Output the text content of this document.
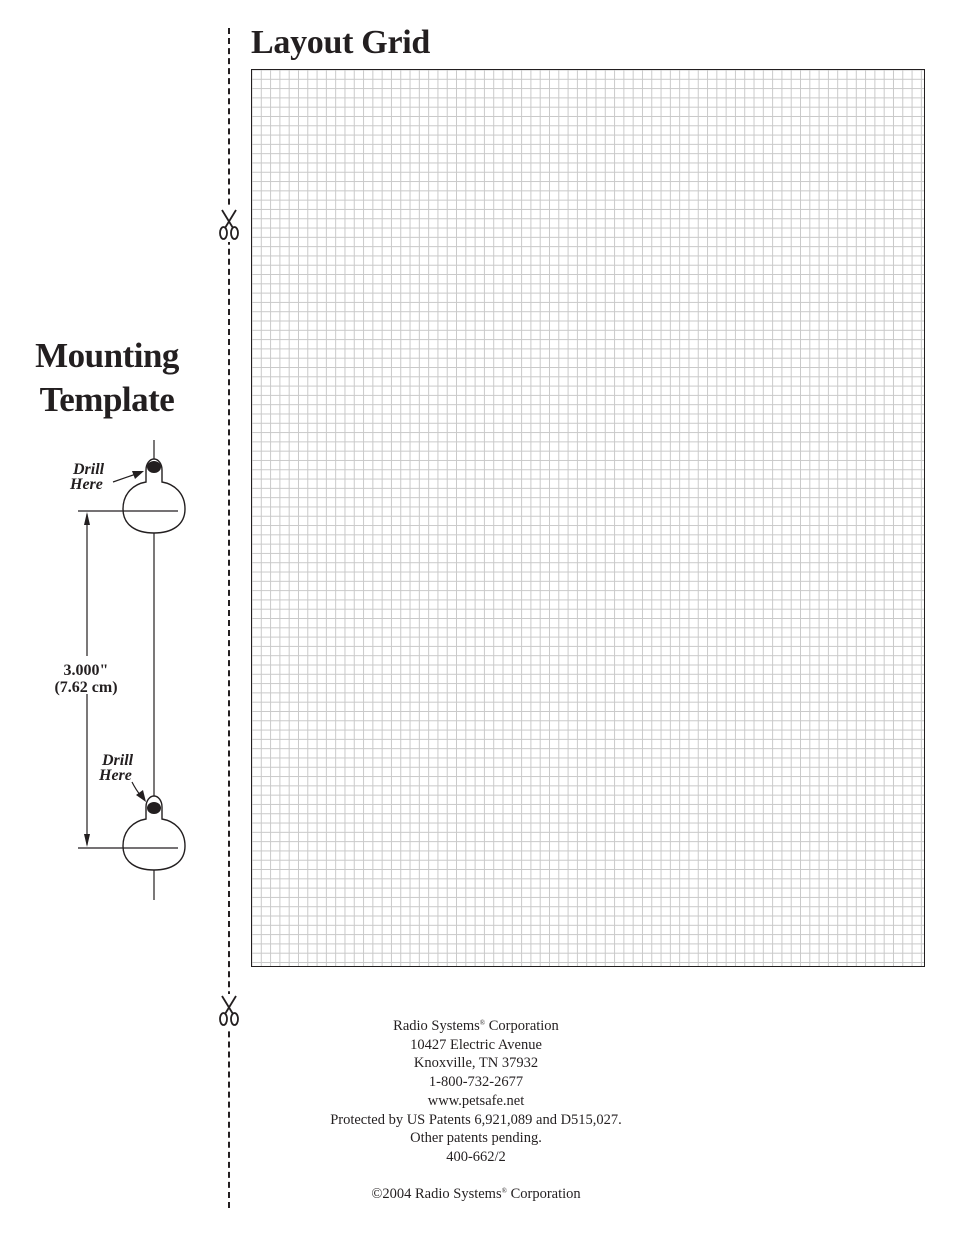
Layout Grid
Mounting
Template
Drill
Here
Drill
Here
3.000"
(7.62 cm)
Radio Systems® Corporation
10427 Electric Avenue
Knoxville, TN 37932
1-800-732-2677
www.petsafe.net
Protected by US Patents 6,921,089 and D515,027.
Other patents pending.
400-662/2
©2004 Radio Systems® Corporation
